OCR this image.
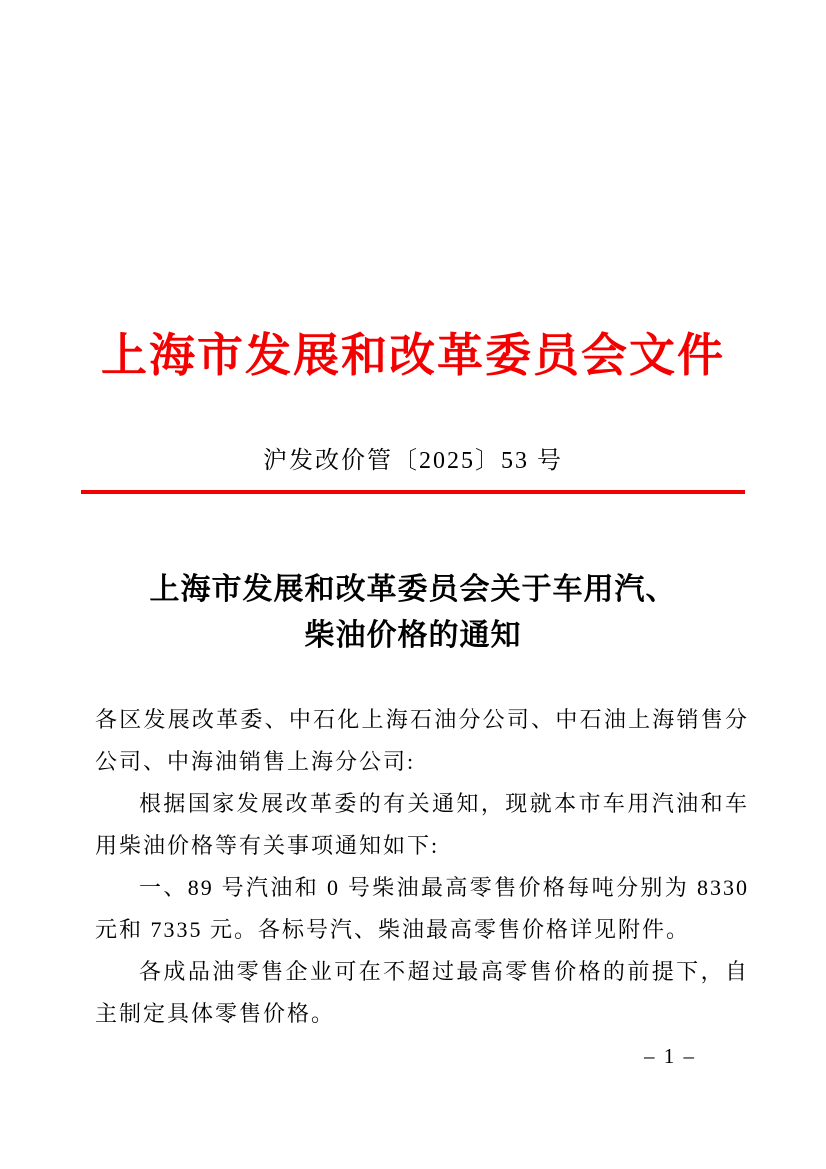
上海市发展和改革委员会文件
沪发改价管〔2025〕53 号
上海市发展和改革委员会关于车用汽、
柴油价格的通知

各区发展改革委、中石化上海石油分公司、中石油上海销售分公司、中海油销售上海分公司:

根据国家发展改革委的有关通知，现就本市车用汽油和车用柴油价格等有关事项通知如下:

一、89 号汽油和 0 号柴油最高零售价格每吨分别为 8330 元和 7335 元。各标号汽、柴油最高零售价格详见附件。

各成品油零售企业可在不超过最高零售价格的前提下，自主制定具体零售价格。

– 1 –
